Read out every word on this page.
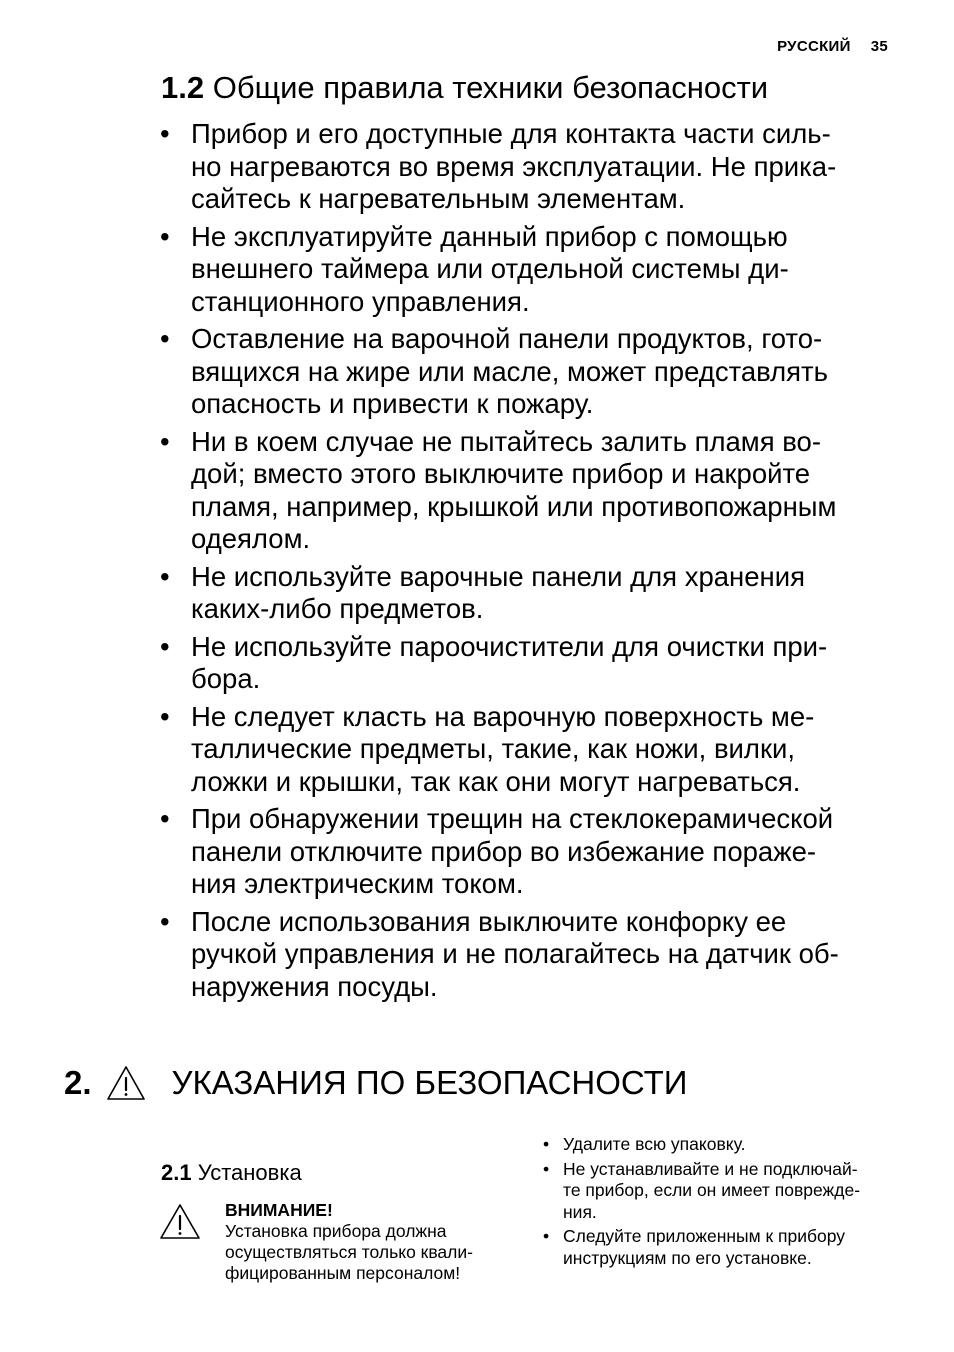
РУССКИЙ 35
1.2 Общие правила техники безопасности
• Прибор и его доступные для контакта части силь-
но нагреваются во время эксплуатации. Не прика-
сайтесь к нагревательным элементам.
• Не эксплуатируйте данный прибор с помощью
внешнего таймера или отдельной системы ди-
станционного управления.
• Оставление на варочной панели продуктов, гото-
вящихся на жире или масле, может представлять
опасность и привести к пожару.
• Ни в коем случае не пытайтесь залить пламя во-
дой; вместо этого выключите прибор и накройте
пламя, например, крышкой или противопожарным
одеялом.
• Не используйте варочные панели для хранения
каких-либо предметов.
• Не используйте пароочистители для очистки при-
бора.
• Не следует класть на варочную поверхность ме-
таллические предметы, такие, как ножи, вилки,
ложки и крышки, так как они могут нагреваться.
• При обнаружении трещин на стеклокерамической
панели отключите прибор во избежание пораже-
ния электрическим током.
• После использования выключите конфорку ее
ручкой управления и не полагайтесь на датчик об-
наружения посуды.
2. УКАЗАНИЯ ПО БЕЗОПАСНОСТИ
2.1 Установка
ВНИМАНИЕ!
Установка прибора должна
осуществляться только квали-
фицированным персоналом!
• Удалите всю упаковку.
• Не устанавливайте и не подключай-
те прибор, если он имеет поврежде-
ния.
• Следуйте приложенным к прибору
инструкциям по его установке.
